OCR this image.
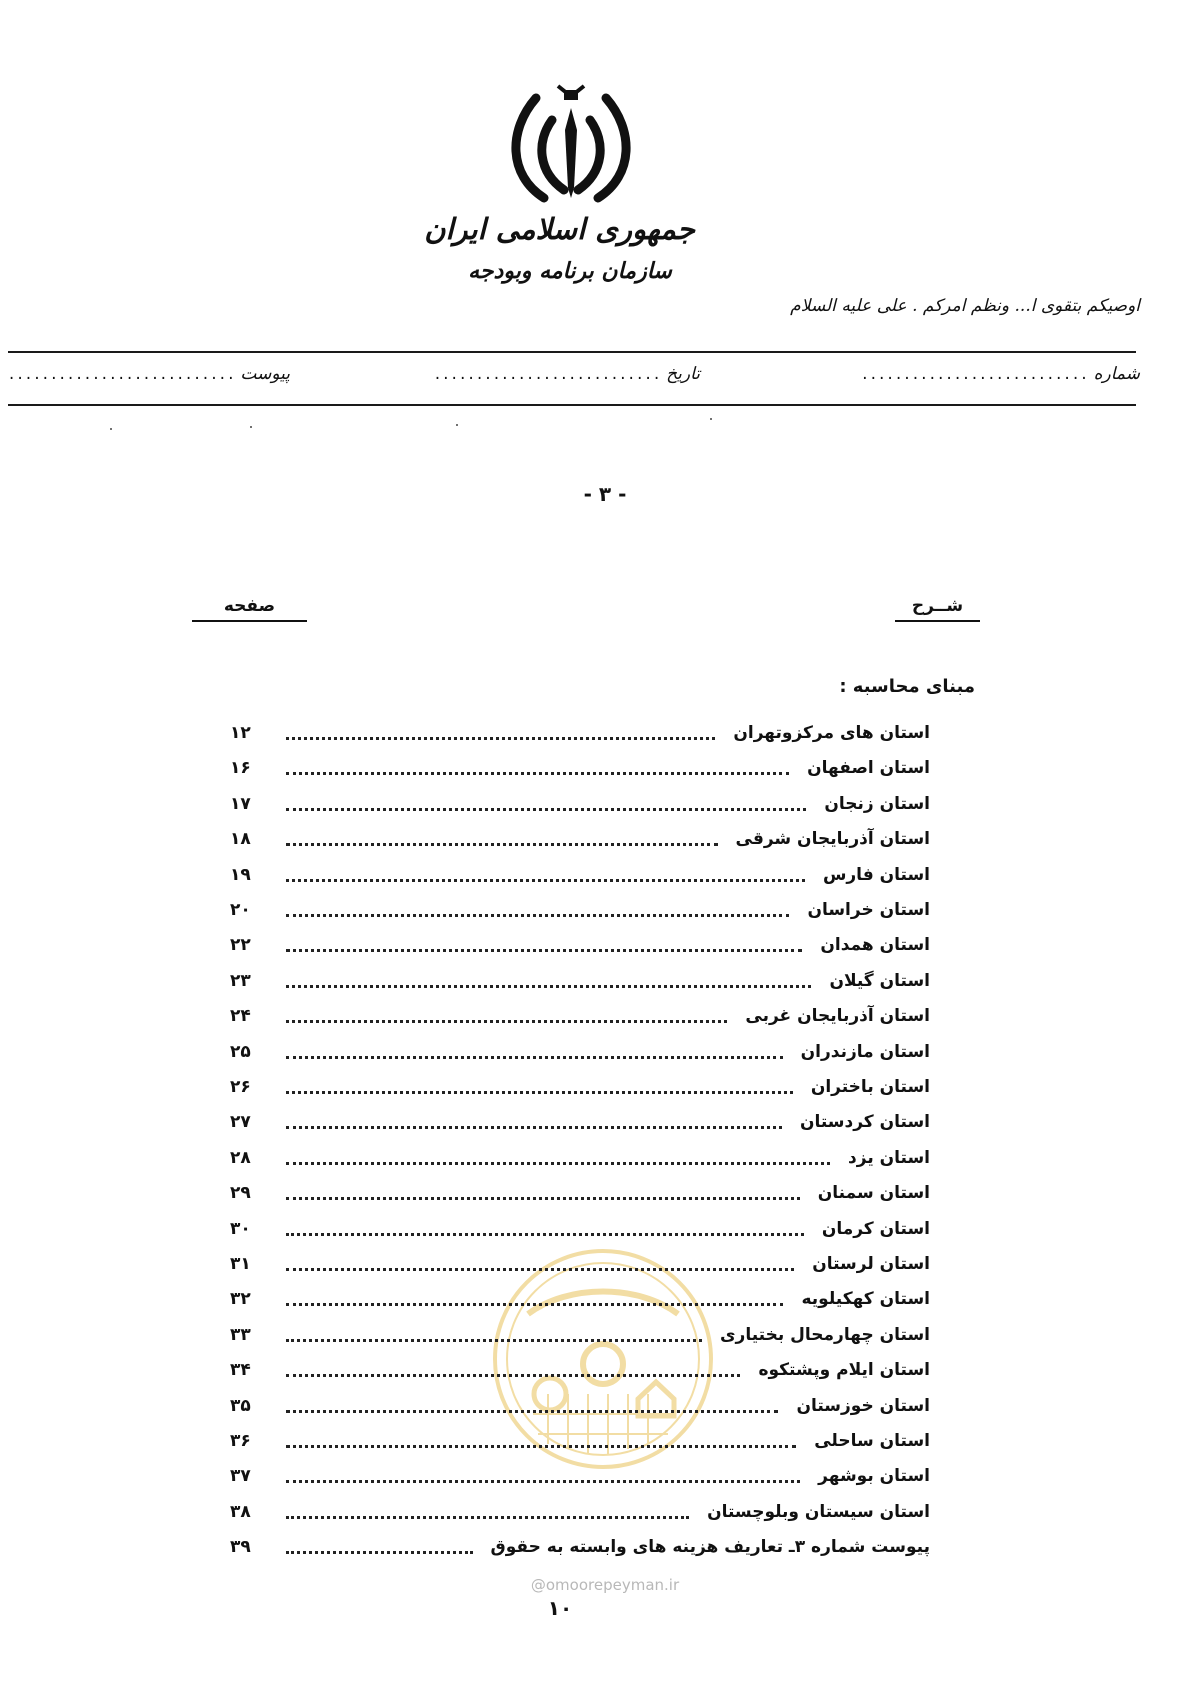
جمهوری اسلامی ایران
سازمان برنامه وبودجه
اوصیکم بتقوی ا... ونظم امرکم . علی علیه السلام
شماره ...........................
تاریخ ...........................
پیوست ...........................
- ۳ -
شــرح
صفحه
مبنای محاسبه :
استان های مرکزوتهران
۱۲
استان اصفهان
۱۶
استان زنجان
۱۷
استان آذربایجان شرقی
۱۸
استان فارس
۱۹
استان خراسان
۲۰
استان همدان
۲۲
استان گیلان
۲۳
استان آذربایجان غربی
۲۴
استان مازندران
۲۵
استان باختران
۲۶
استان کردستان
۲۷
استان یزد
۲۸
استان سمنان
۲۹
استان کرمان
۳۰
استان لرستان
۳۱
استان کهکیلویه
۳۲
استان چهارمحال بختیاری
۳۳
استان ایلام وپشتکوه
۳۴
استان خوزستان
۳۵
استان ساحلی
۳۶
استان بوشهر
۳۷
استان سیستان وبلوچستان
۳۸
پیوست شماره ۳ـ تعاریف هزینه های وابسته به حقوق
۳۹
@omoorepeyman.ir
۱۰
